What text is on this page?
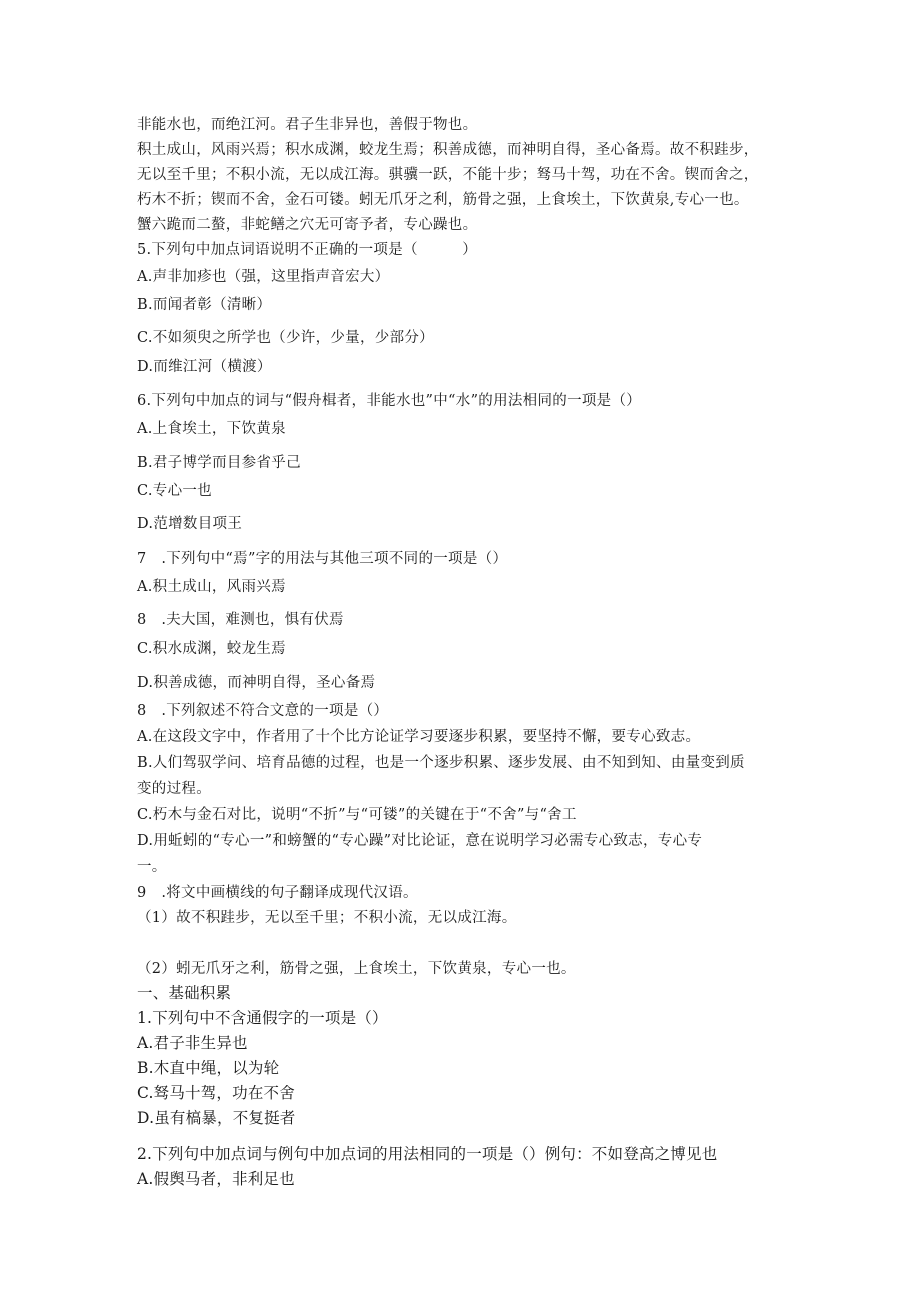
非能水也，而绝江河。君子生非异也，善假于物也。
积土成山，风雨兴焉；积水成渊，蛟龙生焉；积善成德，而神明自得，圣心备焉。故不积跬步，
无以至千里；不积小流，无以成江海。骐骥一跃，不能十步；驽马十驾，功在不舍。锲而舍之，
朽木不折；锲而不舍，金石可镂。蚓无爪牙之利，筋骨之强，上食埃土，下饮黄泉,专心一也。
蟹六跪而二螯，非蛇鳝之穴无可寄予者，专心躁也。
5.下列句中加点词语说明不正确的一项是（　　　）
A.声非加疹也（强，这里指声音宏大）
B.而闻者彰（清晰）
C.不如须臾之所学也（少许，少量，少部分）
D.而维江河（横渡）
6.下列句中加点的词与“假舟楫者，非能水也”中“水”的用法相同的一项是（）
A.上食埃土，下饮黄泉
B.君子博学而目参省乎己
C.专心一也
D.范增数目项王
7　.下列句中“焉”字的用法与其他三项不同的一项是（）
A.积土成山，风雨兴焉
8　.夫大国，难测也，惧有伏焉
C.积水成渊，蛟龙生焉
D.积善成德，而神明自得，圣心备焉
8　.下列叙述不符合文意的一项是（）
A.在这段文字中，作者用了十个比方论证学习要逐步积累，要坚持不懈，要专心致志。
B.人们驾驭学问、培育品德的过程，也是一个逐步积累、逐步发展、由不知到知、由量变到质
变的过程。
C.朽木与金石对比，说明“不折”与“可镂”的关键在于“不舍”与“舍工
D.用蚯蚓的“专心一”和螃蟹的“专心躁”对比论证，意在说明学习必需专心致志，专心专
一。
9　.将文中画横线的句子翻译成现代汉语。
（1）故不积跬步，无以至千里；不积小流，无以成江海。
（2）蚓无爪牙之利，筋骨之强，上食埃土，下饮黄泉，专心一也。
一、基础积累
1.下列句中不含通假字的一项是（）
A.君子非生异也
B.木直中绳，以为轮
C.驽马十驾，功在不舍
D.虽有槁暴，不复挺者
2.下列句中加点词与例句中加点词的用法相同的一项是（）例句：不如登高之博见也
A.假舆马者，非利足也
